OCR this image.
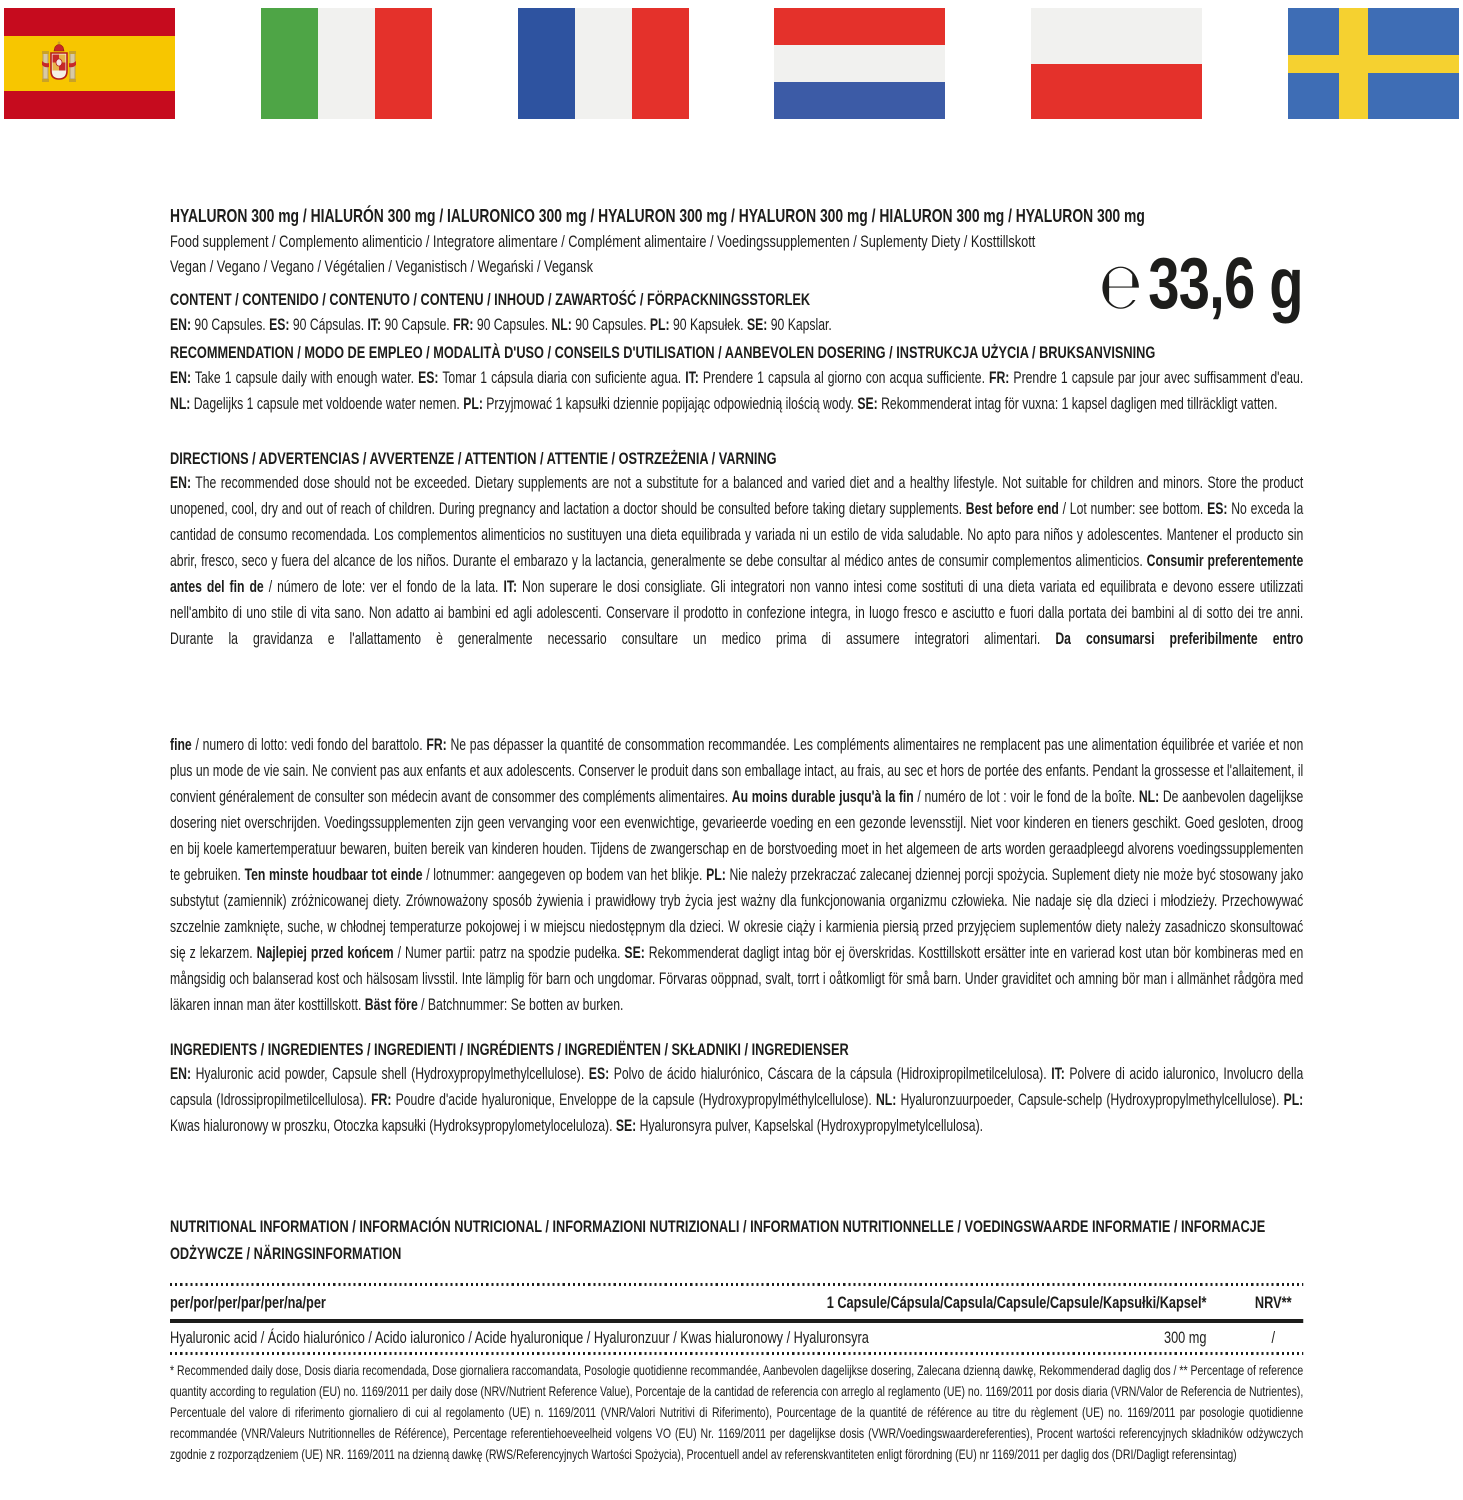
℮ 33,6 g
HYALURON 300 mg / HIALURÓN 300 mg / IALURONICO 300 mg / HYALURON 300 mg / HYALURON 300 mg / HIALURON 300 mg / HYALURON 300 mg
Food supplement / Complemento alimenticio / Integratore alimentare / Complément alimentaire / Voedingssupplementen / Suplementy Diety / Kosttillskott
Vegan / Vegano / Vegano / Végétalien / Veganistisch / Wegański / Vegansk
CONTENT / CONTENIDO / CONTENUTO / CONTENU / INHOUD / ZAWARTOŚĆ / FÖRPACKNINGSSTORLEK
EN: 90 Capsules. ES: 90 Cápsulas. IT: 90 Capsule. FR: 90 Capsules. NL: 90 Capsules. PL: 90 Kapsułek. SE: 90 Kapslar.
RECOMMENDATION / MODO DE EMPLEO / MODALITÀ D'USO / CONSEILS D'UTILISATION / AANBEVOLEN DOSERING / INSTRUKCJA UŻYCIA / BRUKSANVISNING
EN: Take 1 capsule daily with enough water. ES: Tomar 1 cápsula diaria con suficiente agua. IT: Prendere 1 capsula al giorno con acqua sufficiente. FR: Prendre 1 capsule par jour avec suffisamment d'eau. NL: Dagelijks 1 capsule met voldoende water nemen. PL: Przyjmować 1 kapsułki dziennie popijając odpowiednią ilością wody. SE: Rekommenderat intag för vuxna: 1 kapsel dagligen med tillräckligt vatten.
DIRECTIONS / ADVERTENCIAS / AVVERTENZE / ATTENTION / ATTENTIE / OSTRZEŻENIA / VARNING
EN: The recommended dose should not be exceeded. Dietary supplements are not a substitute for a balanced and varied diet and a healthy lifestyle. Not suitable for children and minors. Store the product unopened, cool, dry and out of reach of children. During pregnancy and lactation a doctor should be consulted before taking dietary supplements. Best before end / Lot number: see bottom. ES: No exceda la cantidad de consumo recomendada. Los complementos alimenticios no sustituyen una dieta equilibrada y variada ni un estilo de vida saludable. No apto para niños y adolescentes. Mantener el producto sin abrir, fresco, seco y fuera del alcance de los niños. Durante el embarazo y la lactancia, generalmente se debe consultar al médico antes de consumir complementos alimenticios. Consumir preferentemente antes del fin de / número de lote: ver el fondo de la lata. IT: Non superare le dosi consigliate. Gli integratori non vanno intesi come sostituti di una dieta variata ed equilibrata e devono essere utilizzati nell'ambito di uno stile di vita sano. Non adatto ai bambini ed agli adolescenti. Conservare il prodotto in confezione integra, in luogo fresco e asciutto e fuori dalla portata dei bambini al di sotto dei tre anni. Durante la gravidanza e l'allattamento è generalmente necessario consultare un medico prima di assumere integratori alimentari. Da consumarsi preferibilmente entro
fine / numero di lotto: vedi fondo del barattolo. FR: Ne pas dépasser la quantité de consommation recommandée. Les compléments alimentaires ne remplacent pas une alimentation équilibrée et variée et non plus un mode de vie sain. Ne convient pas aux enfants et aux adolescents. Conserver le produit dans son emballage intact, au frais, au sec et hors de portée des enfants. Pendant la grossesse et l'allaitement, il convient généralement de consulter son médecin avant de consommer des compléments alimentaires. Au moins durable jusqu'à la fin / numéro de lot : voir le fond de la boîte. NL: De aanbevolen dagelijkse dosering niet overschrijden. Voedingssupplementen zijn geen vervanging voor een evenwichtige, gevarieerde voeding en een gezonde levensstijl. Niet voor kinderen en tieners geschikt. Goed gesloten, droog en bij koele kamertemperatuur bewaren, buiten bereik van kinderen houden. Tijdens de zwangerschap en de borstvoeding moet in het algemeen de arts worden geraadpleegd alvorens voedingssupplementen te gebruiken. Ten minste houdbaar tot einde / lotnummer: aangegeven op bodem van het blikje. PL: Nie należy przekraczać zalecanej dziennej porcji spożycia. Suplement diety nie może być stosowany jako substytut (zamiennik) zróżnicowanej diety. Zrównoważony sposób żywienia i prawidłowy tryb życia jest ważny dla funkcjonowania organizmu człowieka. Nie nadaje się dla dzieci i młodzieży. Przechowywać szczelnie zamknięte, suche, w chłodnej temperaturze pokojowej i w miejscu niedostępnym dla dzieci. W okresie ciąży i karmienia piersią przed przyjęciem suplementów diety należy zasadniczo skonsultować się z lekarzem. Najlepiej przed końcem / Numer partii: patrz na spodzie pudełka. SE: Rekommenderat dagligt intag bör ej överskridas. Kosttillskott ersätter inte en varierad kost utan bör kombineras med en mångsidig och balanserad kost och hälsosam livsstil. Inte lämplig för barn och ungdomar. Förvaras oöppnad, svalt, torrt i oåtkomligt för små barn. Under graviditet och amning bör man i allmänhet rådgöra med läkaren innan man äter kosttillskott. Bäst före / Batchnummer: Se botten av burken.
INGREDIENTS / INGREDIENTES / INGREDIENTI / INGRÉDIENTS / INGREDIËNTEN / SKŁADNIKI / INGREDIENSER
EN: Hyaluronic acid powder, Capsule shell (Hydroxypropylmethylcellulose). ES: Polvo de ácido hialurónico, Cáscara de la cápsula (Hidroxipropilmetilcelulosa). IT: Polvere di acido ialuronico, Involucro della capsula (Idrossipropilmetilcellulosa). FR: Poudre d'acide hyaluronique, Enveloppe de la capsule (Hydroxypropylméthylcellulose). NL: Hyaluronzuurpoeder, Capsule-schelp (Hydroxypropylmethylcellulose). PL: Kwas hialuronowy w proszku, Otoczka kapsułki (Hydroksypropylometyloceluloza). SE: Hyaluronsyra pulver, Kapselskal (Hydroxypropylmetylcellulosa).
NUTRITIONAL INFORMATION / INFORMACIÓN NUTRICIONAL / INFORMAZIONI NUTRIZIONALI / INFORMATION NUTRITIONNELLE / VOEDINGSWAARDE INFORMATIE / INFORMACJE ODŻYWCZE / NÄRINGSINFORMATION
per/por/per/par/per/na/per	1 Capsule/Cápsula/Capsula/Capsule/Capsule/Kapsułki/Kapsel*	NRV**
Hyaluronic acid / Ácido hialurónico / Acido ialuronico / Acide hyaluronique / Hyaluronzuur / Kwas hialuronowy / Hyaluronsyra	300 mg	/
* Recommended daily dose, Dosis diaria recomendada, Dose giornaliera raccomandata, Posologie quotidienne recommandée, Aanbevolen dagelijkse dosering, Zalecana dzienną dawkę, Rekommenderad daglig dos / ** Percentage of reference quantity according to regulation (EU) no. 1169/2011 per daily dose (NRV/Nutrient Reference Value), Porcentaje de la cantidad de referencia con arreglo al reglamento (UE) no. 1169/2011 por dosis diaria (VRN/Valor de Referencia de Nutrientes), Percentuale del valore di riferimento giornaliero di cui al regolamento (UE) n. 1169/2011 (VNR/Valori Nutritivi di Riferimento), Pourcentage de la quantité de référence au titre du règlement (UE) no. 1169/2011 par posologie quotidienne recommandée (VNR/Valeurs Nutritionnelles de Référence), Percentage referentiehoeveelheid volgens VO (EU) Nr. 1169/2011 per dagelijkse dosis (VWR/Voedingswaardereferenties), Procent wartości referencyjnych składników odżywczych zgodnie z rozporządzeniem (UE) NR. 1169/2011 na dzienną dawkę (RWS/Referencyjnych Wartości Spożycia), Procentuell andel av referenskvantiteten enligt förordning (EU) nr 1169/2011 per daglig dos (DRI/Dagligt referensintag)
